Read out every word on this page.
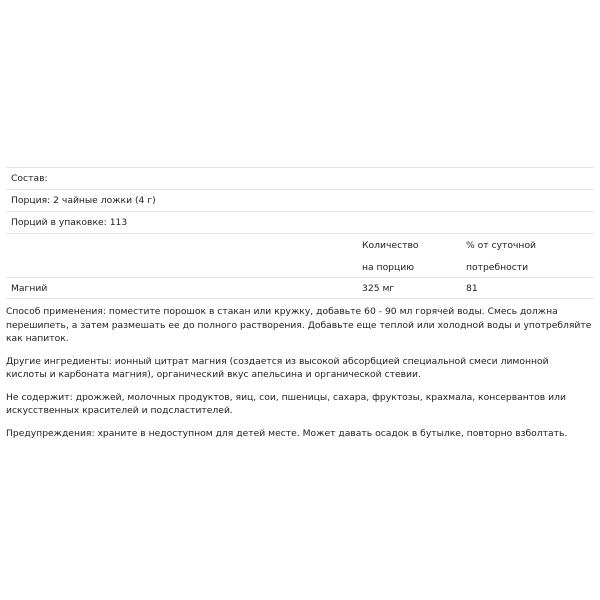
Состав:
Порция: 2 чайные ложки (4 г)
Порций в упаковке: 113
Количество
на порцию
% от суточной
потребности
Магний	325 мг	81

Способ применения: поместите порошок в стакан или кружку, добавьте 60 - 90 мл горячей воды. Смесь должна перешипеть, а затем размешать ее до полного растворения. Добавьте еще теплой или холодной воды и употребляйте как напиток.

Другие ингредиенты: ионный цитрат магния (создается из высокой абсорбцией специальной смеси лимонной кислоты и карбоната магния), органический вкус апельсина и органической стевии.

Не содержит: дрожжей, молочных продуктов, яиц, сои, пшеницы, сахара, фруктозы, крахмала, консервантов или искусственных красителей и подсластителей.

Предупреждения: храните в недоступном для детей месте. Может давать осадок в бутылке, повторно взболтать.
